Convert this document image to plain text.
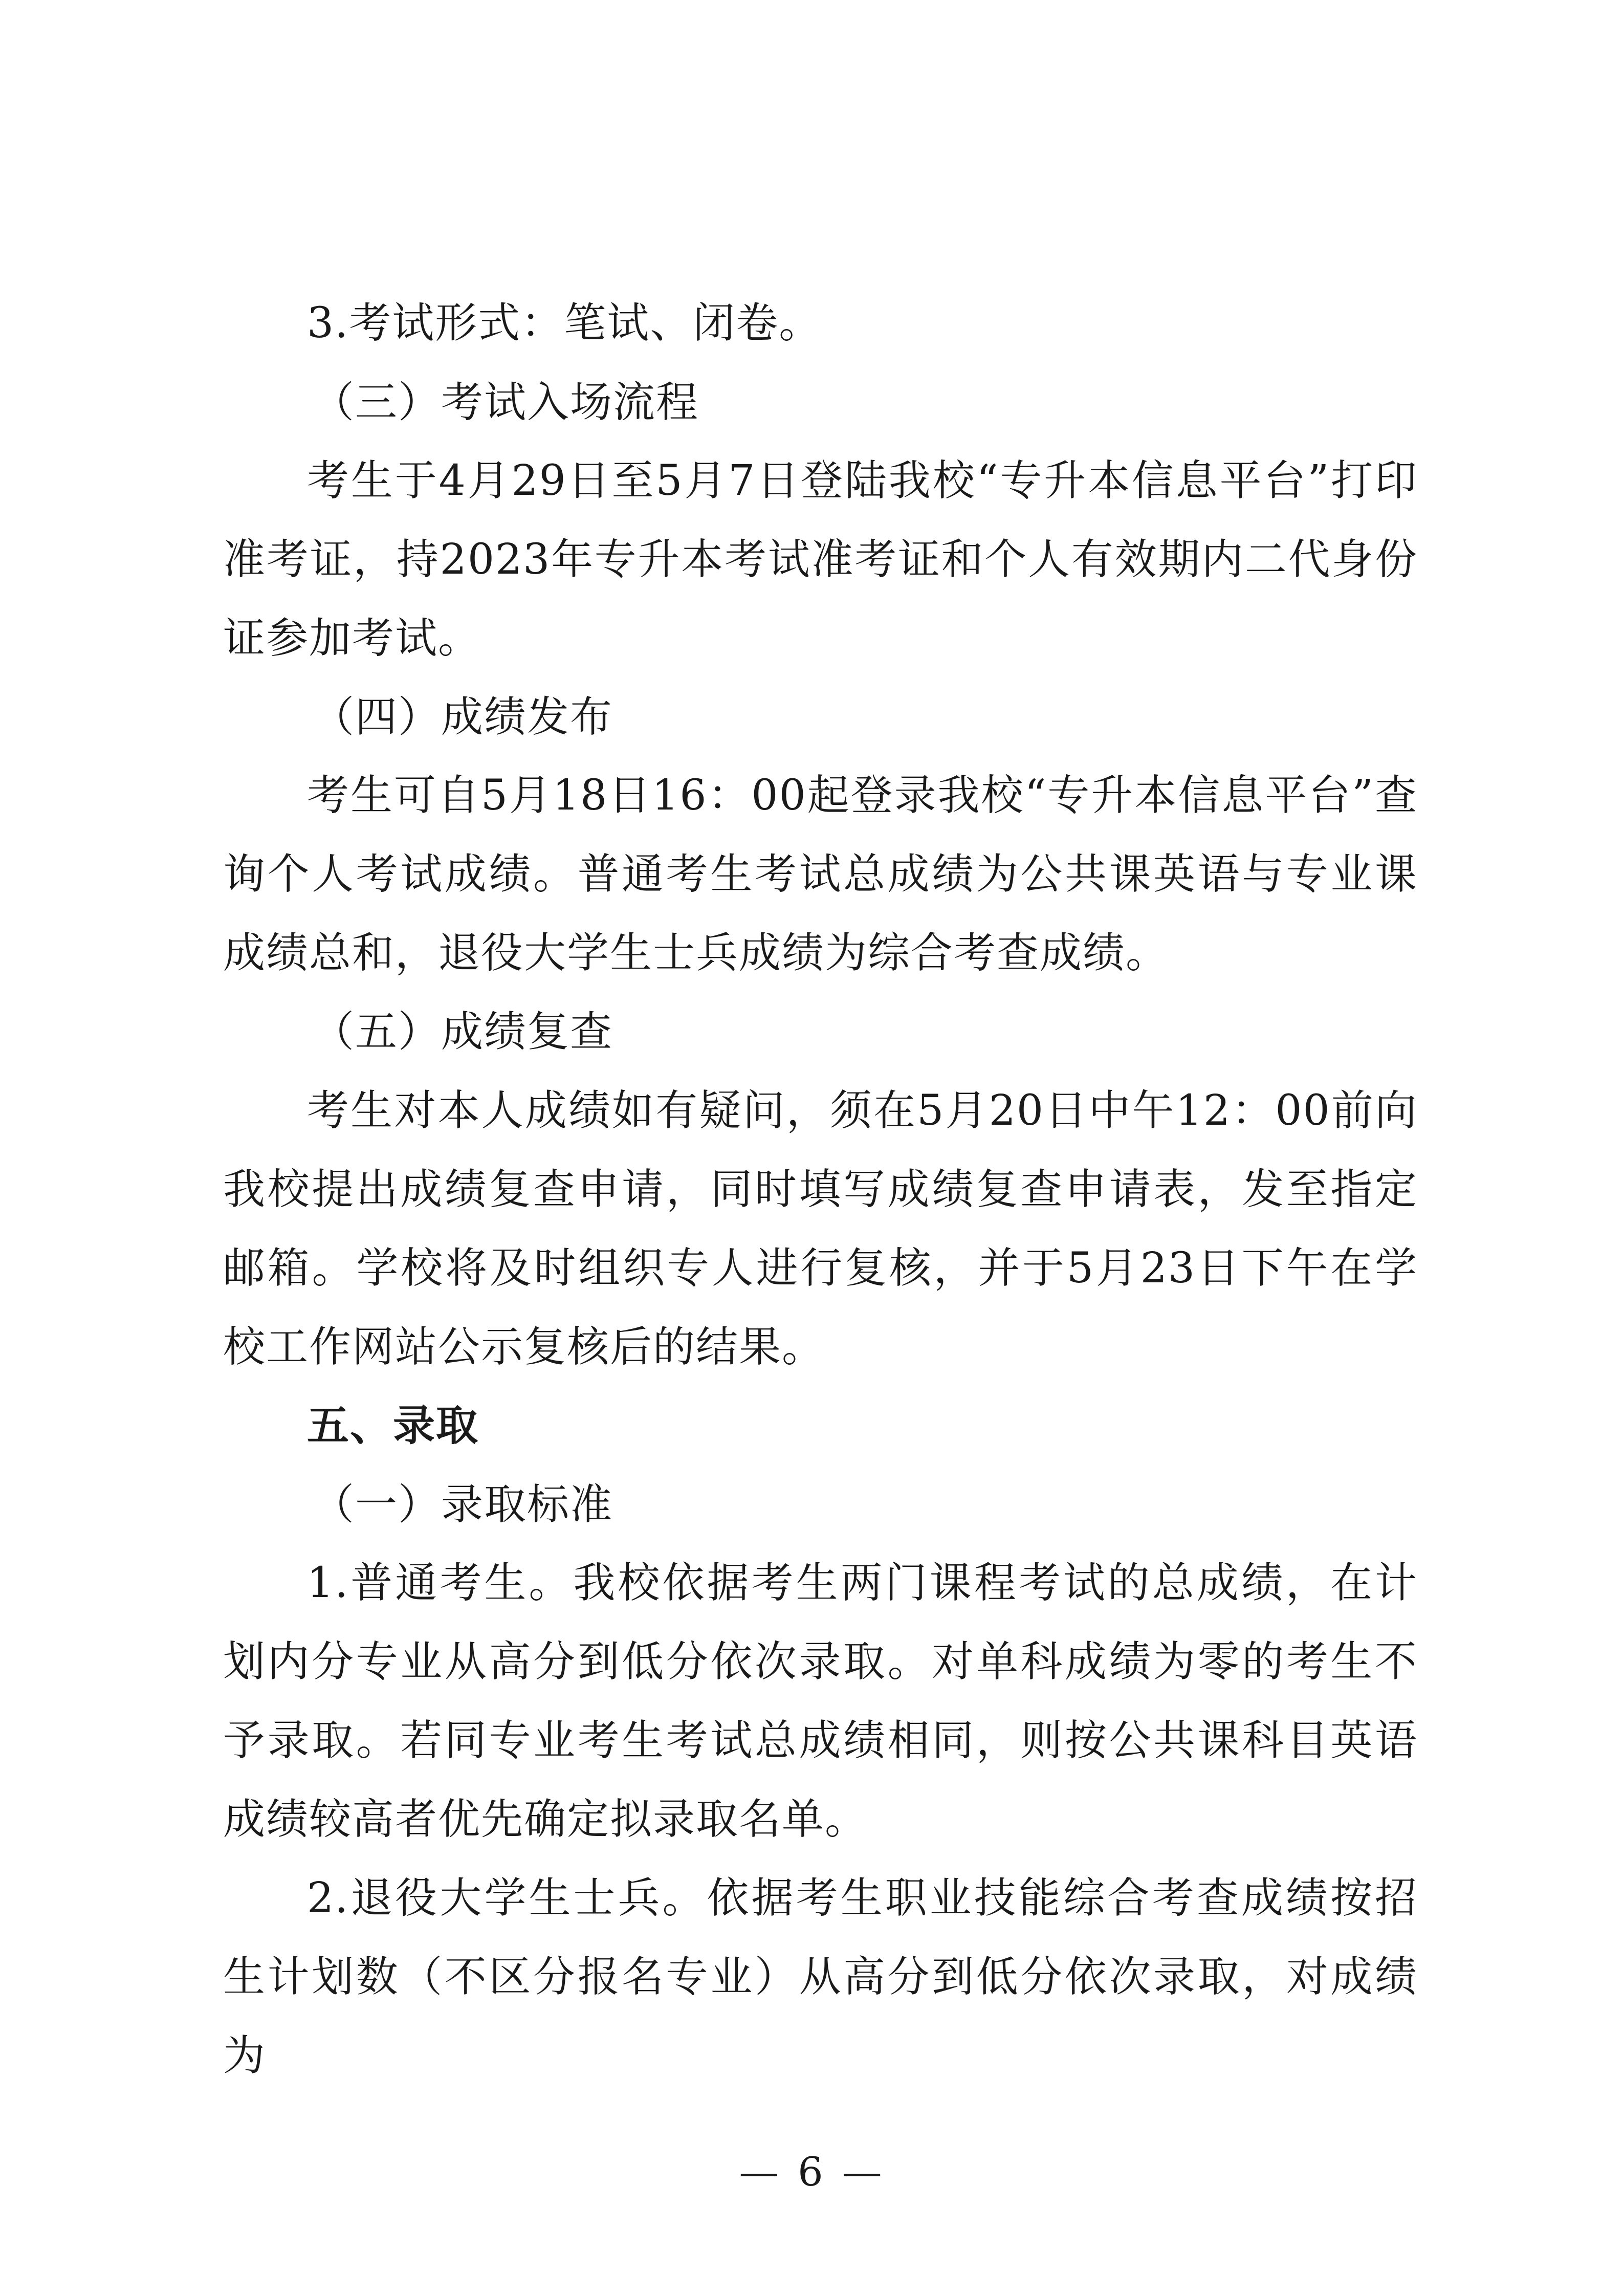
3.考试形式：笔试、闭卷。

（三）考试入场流程

考生于4月29日至5月7日登陆我校“专升本信息平台”打印准考证，持2023年专升本考试准考证和个人有效期内二代身份证参加考试。

（四）成绩发布

考生可自5月18日16：00起登录我校“专升本信息平台”查询个人考试成绩。普通考生考试总成绩为公共课英语与专业课成绩总和，退役大学生士兵成绩为综合考查成绩。

（五）成绩复查

考生对本人成绩如有疑问，须在5月20日中午12：00前向我校提出成绩复查申请，同时填写成绩复查申请表，发至指定邮箱。学校将及时组织专人进行复核，并于5月23日下午在学校工作网站公示复核后的结果。

五、录取

（一）录取标准

1.普通考生。我校依据考生两门课程考试的总成绩，在计划内分专业从高分到低分依次录取。对单科成绩为零的考生不予录取。若同专业考生考试总成绩相同，则按公共课科目英语成绩较高者优先确定拟录取名单。

2.退役大学生士兵。依据考生职业技能综合考查成绩按招生计划数（不区分报名专业）从高分到低分依次录取，对成绩为

— 6 —
